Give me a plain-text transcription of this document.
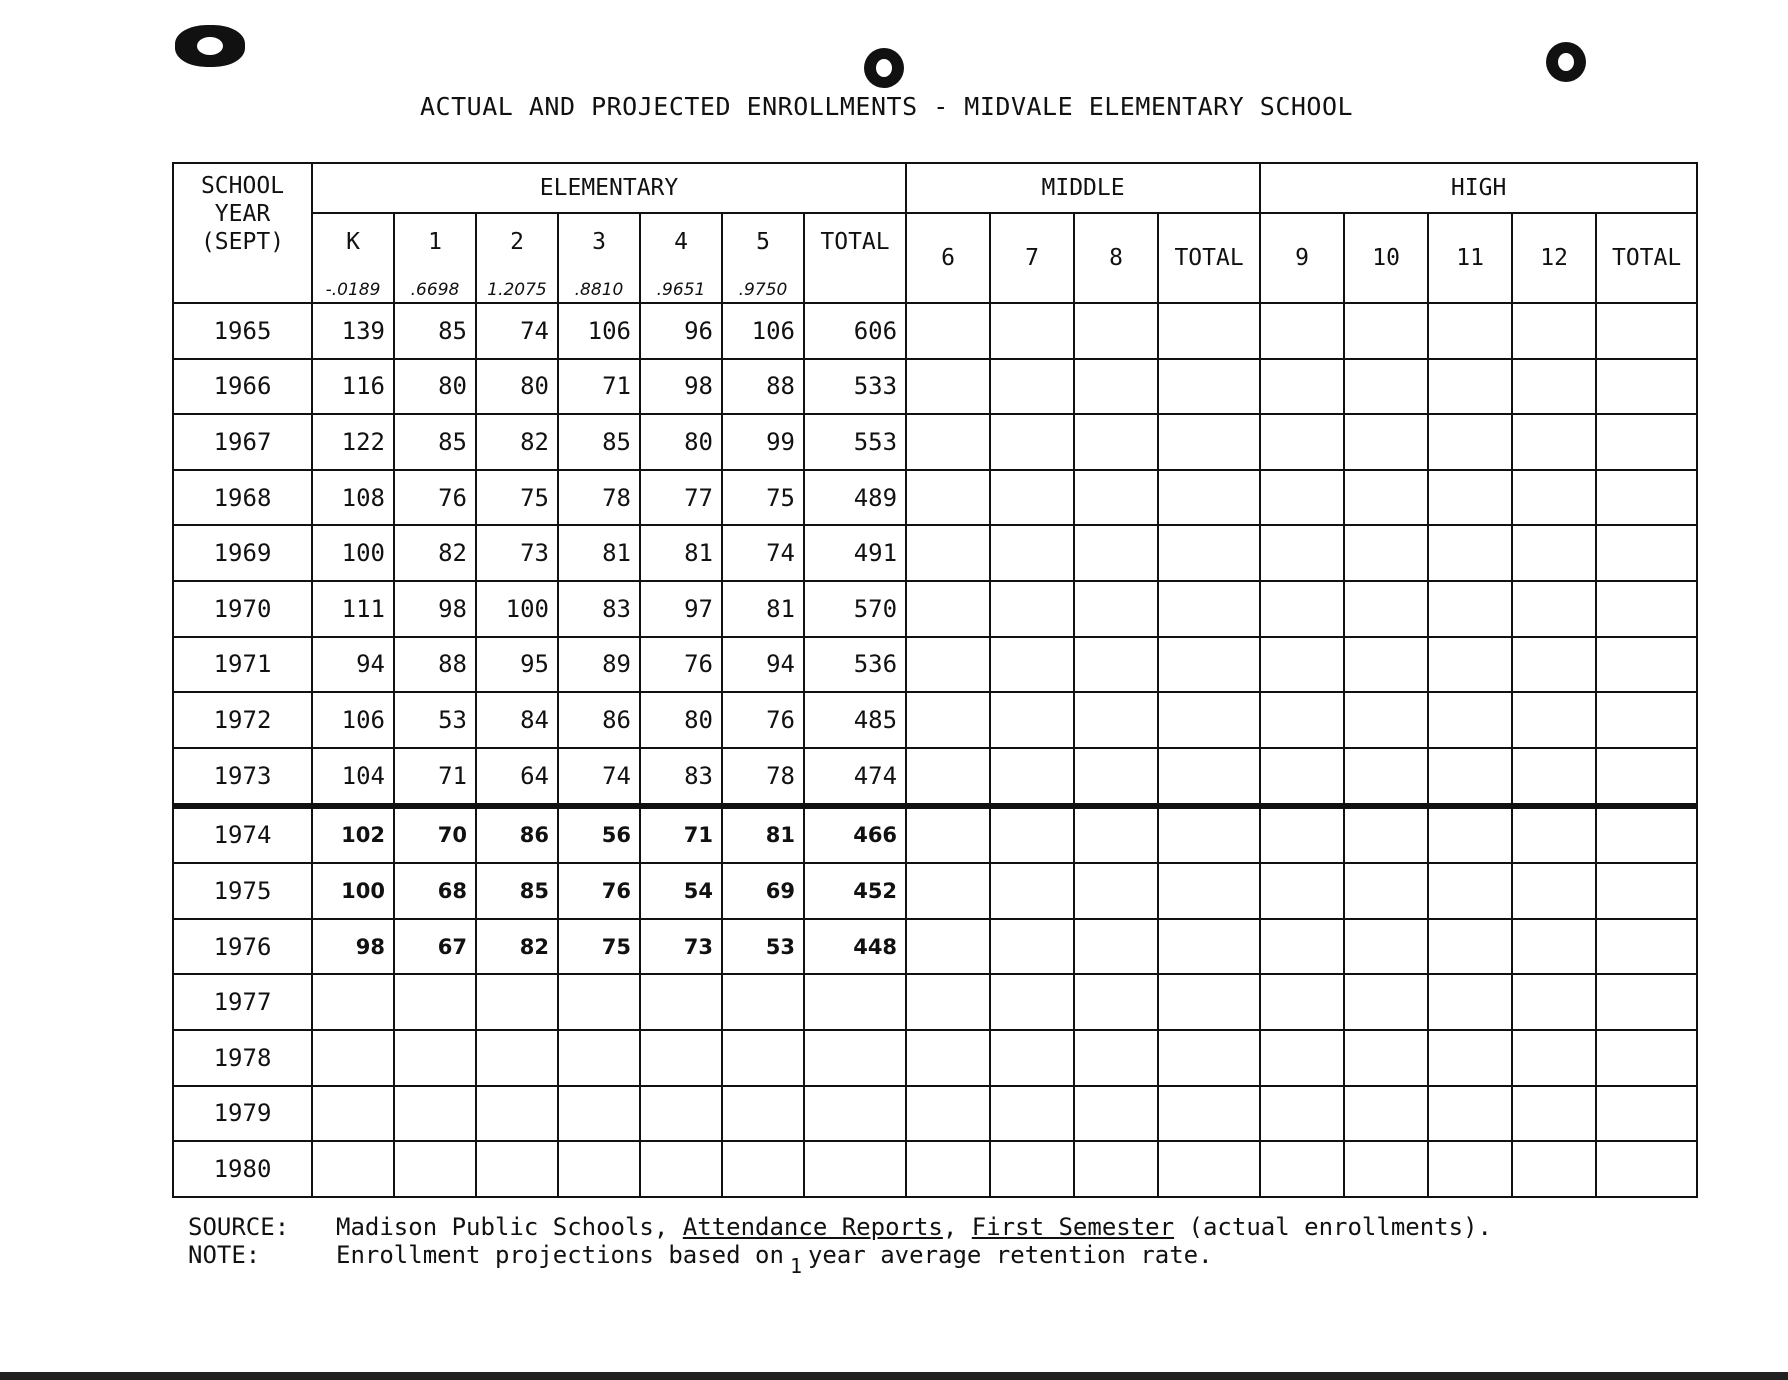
ACTUAL AND PROJECTED ENROLLMENTS - MIDVALE ELEMENTARY SCHOOL
SCHOOL
YEAR
(SEPT)	ELEMENTARY							MIDDLE				HIGH				
	K	1	2	3	4	5	TOTAL	6	7	8	TOTAL	9	10	11	12	TOTAL
	-.0189	.6698	1.2075	.8810	.9651	.9750										
1965	139	85	74	106	96	106	606									
1966	116	80	80	71	98	88	533									
1967	122	85	82	85	80	99	553									
1968	108	76	75	78	77	75	489									
1969	100	82	73	81	81	74	491									
1970	111	98	100	83	97	81	570									
1971	94	88	95	89	76	94	536									
1972	106	53	84	86	80	76	485									
1973	104	71	64	74	83	78	474									
1974	102	70	86	56	71	81	466									
1975	100	68	85	76	54	69	452									
1976	98	67	82	75	73	53	448									
1977																
1978																
1979																
1980																
SOURCE: Madison Public Schools, Attendance Reports, First Semester (actual enrollments).
NOTE:	Enrollment projections based on $_1$ year average retention rate.
